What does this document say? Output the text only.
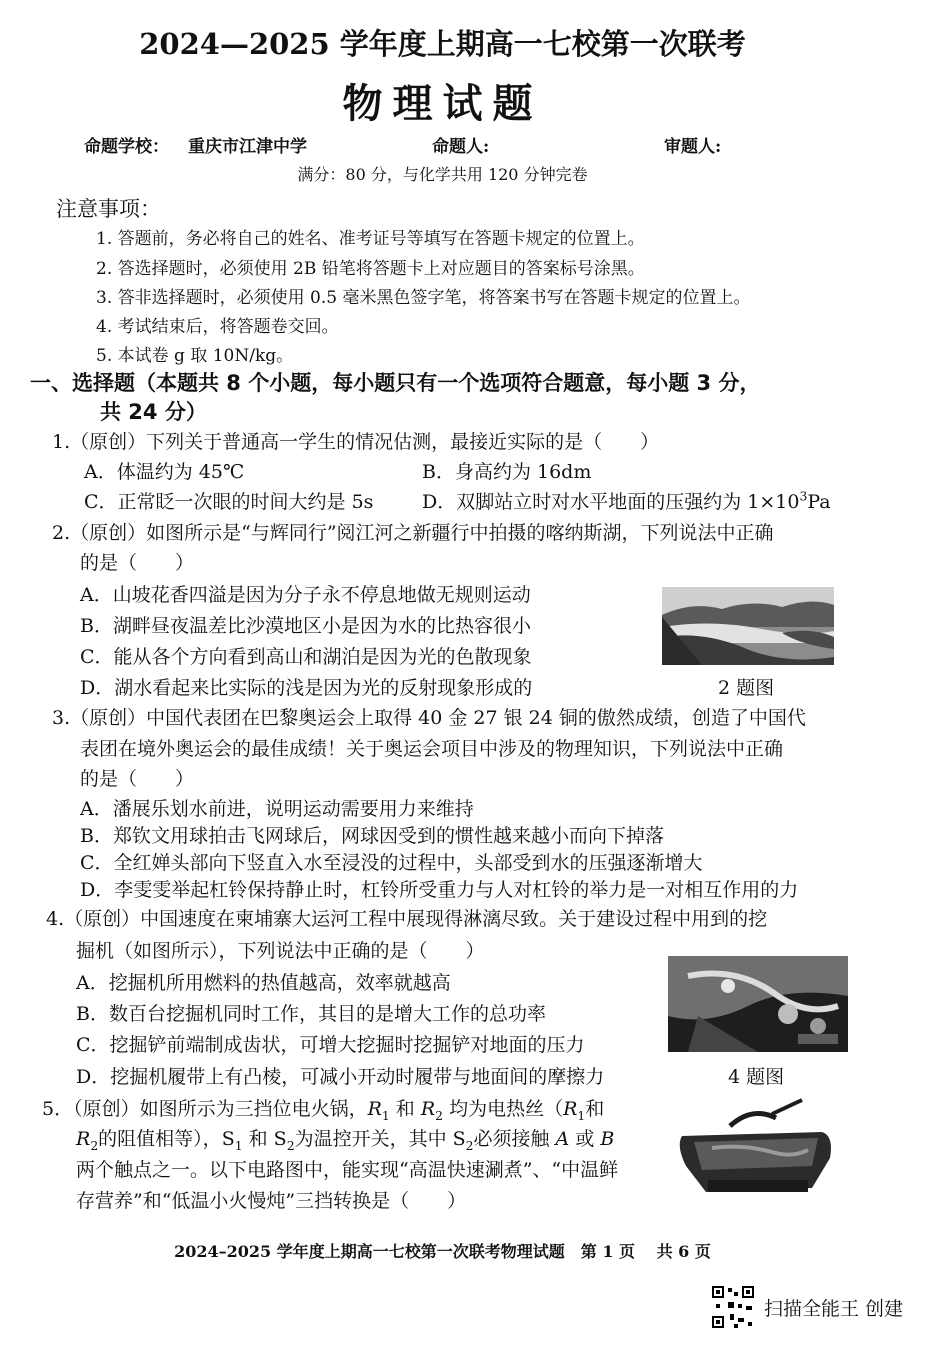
2024—2025 学年度上期高一七校第一次联考
物理试题
命题学校： 重庆市江津中学	命题人:	审题人:
满分：80 分，与化学共用 120 分钟完卷
注意事项：
1. 答题前，务必将自己的姓名、准考证号等填写在答题卡规定的位置上。
2. 答选择题时，必须使用 2B 铅笔将答题卡上对应题目的答案标号涂黑。
3. 答非选择题时，必须使用 0.5 毫米黑色签字笔，将答案书写在答题卡规定的位置上。
4. 考试结束后，将答题卷交回。
5. 本试卷 g 取 10N/kg。
一、选择题（本题共 8 个小题，每小题只有一个选项符合题意，每小题 3 分，
共 24 分）
1.（原创）下列关于普通高一学生的情况估测，最接近实际的是（　　）
A．体温约为 45℃	B．身高约为 16dm
C．正常眨一次眼的时间大约是 5s	D．双脚站立时对水平地面的压强约为 $1\times 10^3Pa$
2.（原创）如图所示是“与辉同行”阅江河之新疆行中拍摄的喀纳斯湖，下列说法中正确
的是（　　）
A．山坡花香四溢是因为分子永不停息地做无规则运动
B．湖畔昼夜温差比沙漠地区小是因为水的比热容很小
C．能从各个方向看到高山和湖泊是因为光的色散现象
D．湖水看起来比实际的浅是因为光的反射现象形成的	2 题图
3.（原创）中国代表团在巴黎奥运会上取得 40 金 27 银 24 铜的傲然成绩，创造了中国代
表团在境外奥运会的最佳成绩！关于奥运会项目中涉及的物理知识，下列说法中正确
的是（　　）
A．潘展乐划水前进，说明运动需要用力来维持
B．郑钦文用球拍击飞网球后，网球因受到的惯性越来越小而向下掉落
C．全红婵头部向下竖直入水至浸没的过程中，头部受到水的压强逐渐增大
D．李雯雯举起杠铃保持静止时，杠铃所受重力与人对杠铃的举力是一对相互作用的力
4.（原创）中国速度在柬埔寨大运河工程中展现得淋漓尽致。关于建设过程中用到的挖
掘机（如图所示），下列说法中正确的是（　　）
A．挖掘机所用燃料的热值越高，效率就越高
B．数百台挖掘机同时工作，其目的是增大工作的总功率
C．挖掘铲前端制成齿状，可增大挖掘时挖掘铲对地面的压力
D．挖掘机履带上有凸棱，可减小开动时履带与地面间的摩擦力	4 题图
5．（原创）如图所示为三挡位电火锅，$R_1$ 和 $R_2$ 均为电热丝（$R_1$和
$R_2$的阻值相等），$S_1$ 和 $S_2$为温控开关，其中 $S_2$必须接触 A 或 B
两个触点之一。以下电路图中，能实现“高温快速涮煮”、“中温鲜
存营养”和“低温小火慢炖”三挡转换是（　　）
2024–2025 学年度上期高一七校第一次联考物理试题　第 1 页　 共 6 页
扫描全能王 创建
